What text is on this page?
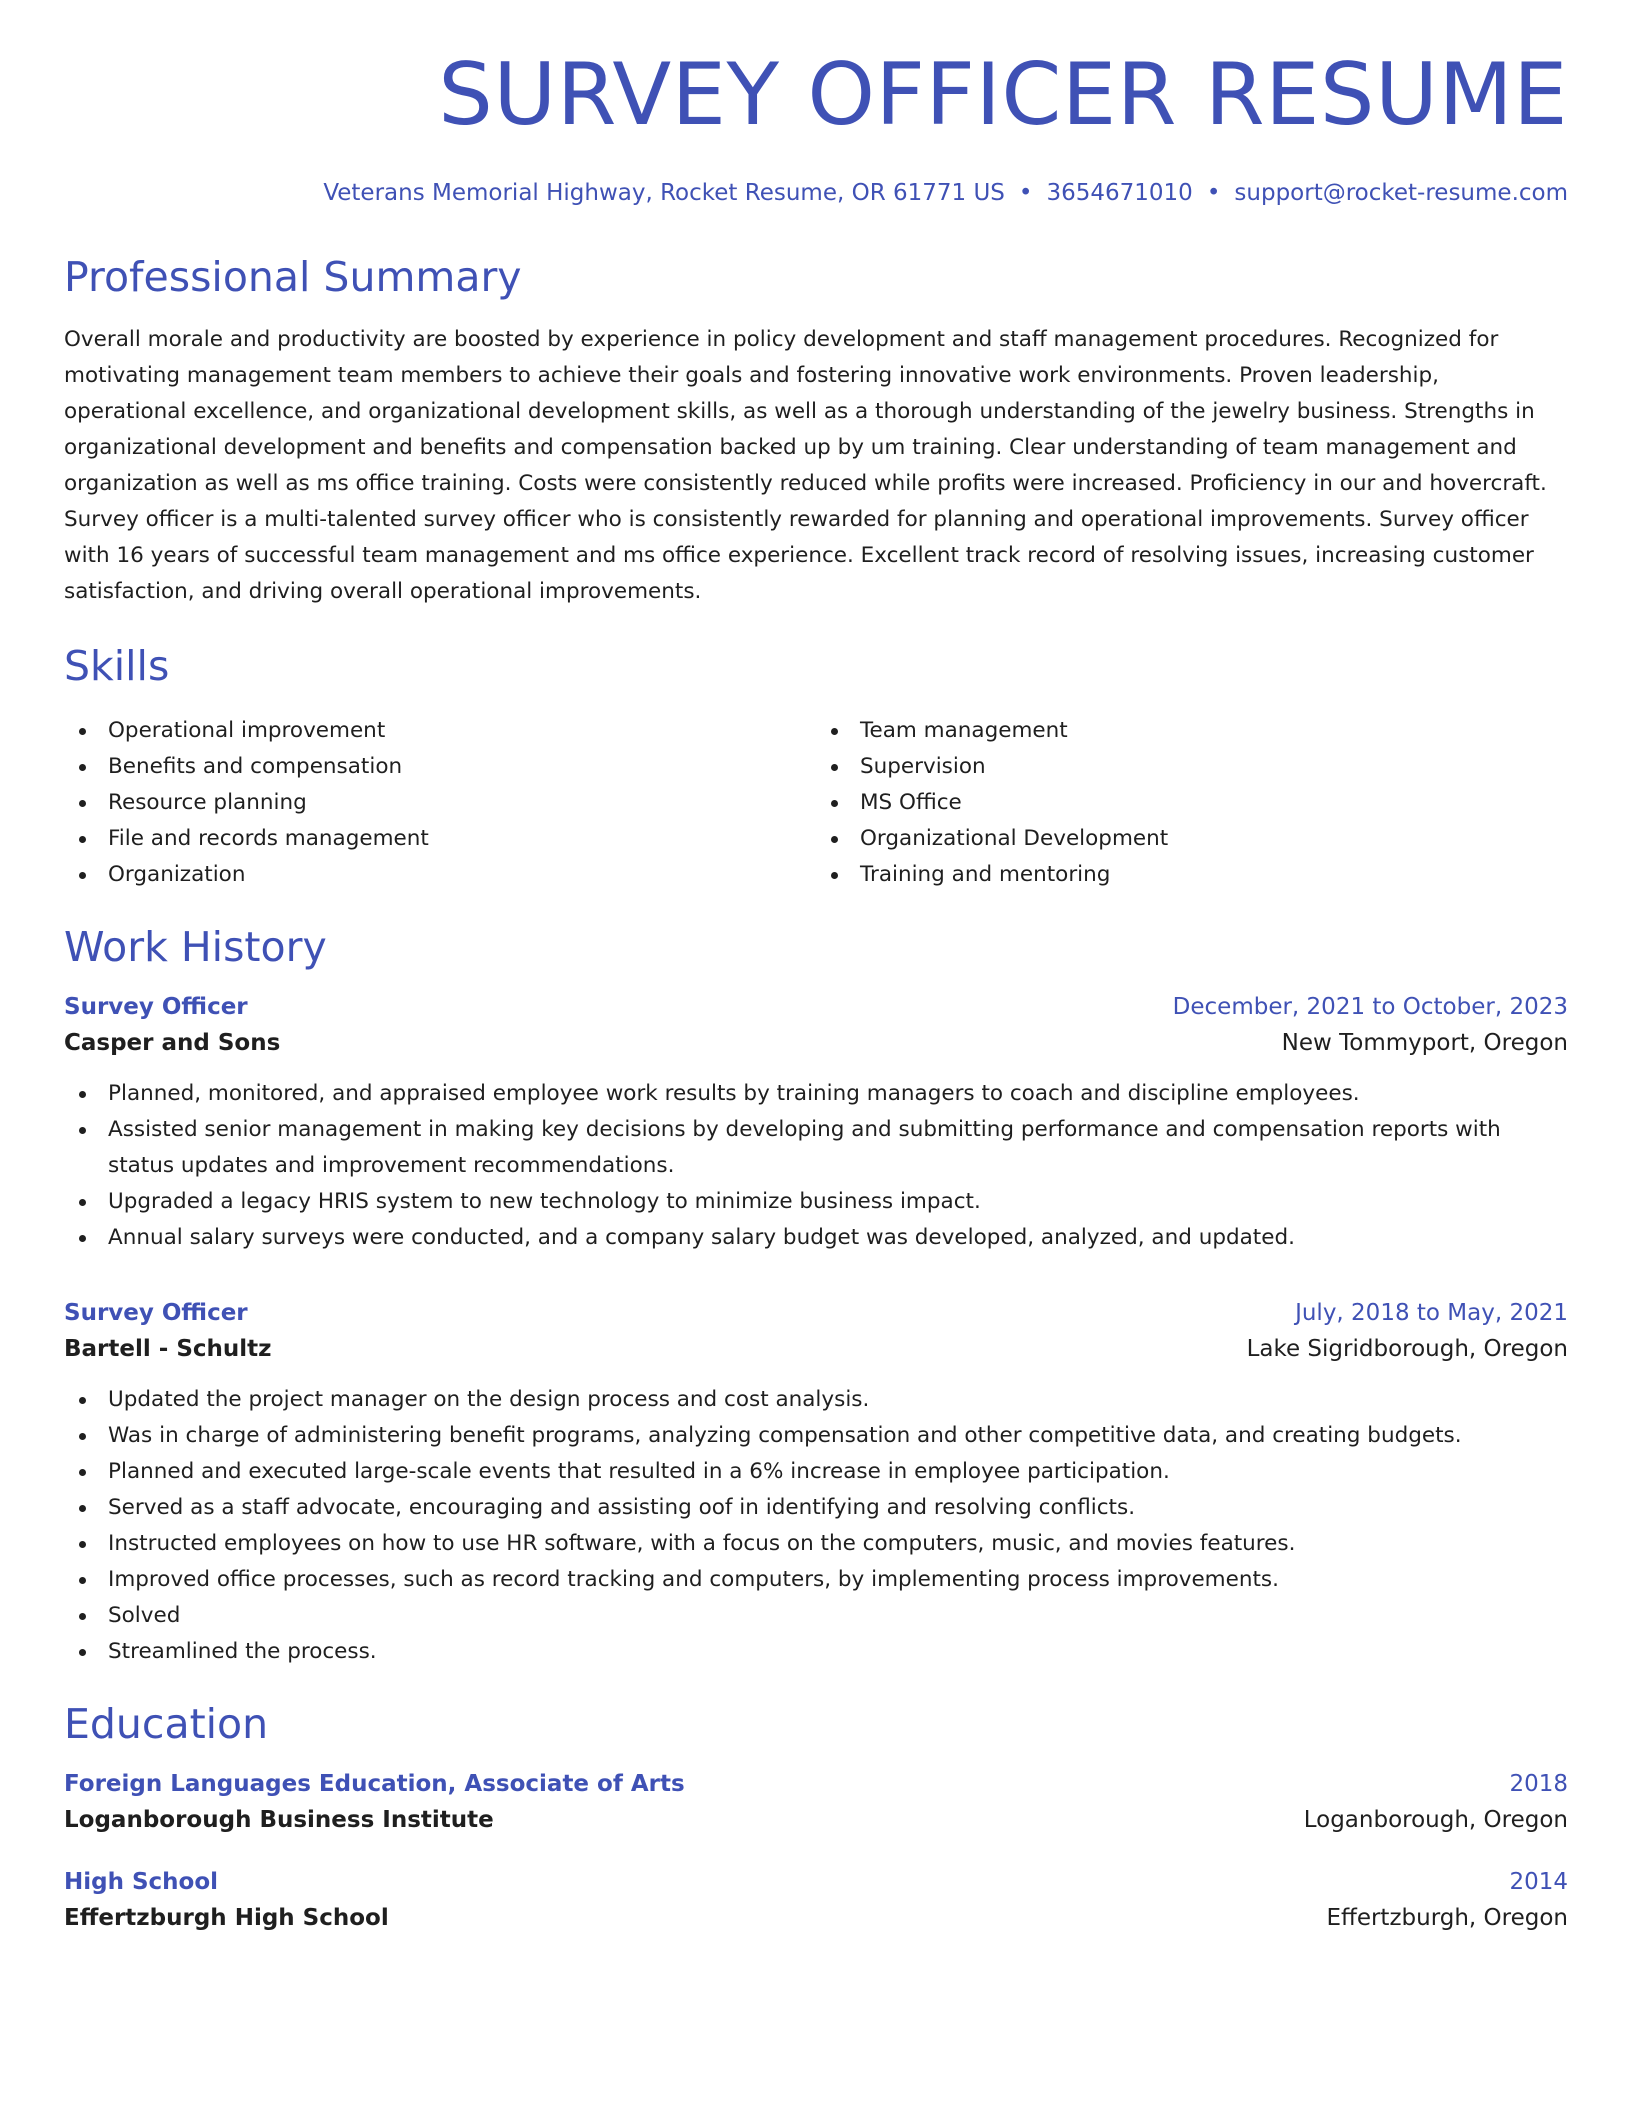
SURVEY OFFICER RESUME
Veterans Memorial Highway, Rocket Resume, OR 61771 US • 3654671010 • support@rocket-resume.com
Professional Summary

Overall morale and productivity are boosted by experience in policy development and staff management procedures. Recognized for motivating management team members to achieve their goals and fostering innovative work environments. Proven leadership, operational excellence, and organizational development skills, as well as a thorough understanding of the jewelry business. Strengths in organizational development and benefits and compensation backed up by um training. Clear understanding of team management and organization as well as ms office training. Costs were consistently reduced while profits were increased. Proficiency in our and hovercraft. Survey officer is a multi-talented survey officer who is consistently rewarded for planning and operational improvements. Survey officer with 16 years of successful team management and ms office experience. Excellent track record of resolving issues, increasing customer satisfaction, and driving overall operational improvements.

Skills
Operational improvement
Benefits and compensation
Resource planning
File and records management
Organization
Team management
Supervision
MS Office
Organizational Development
Training and mentoring
Work History
Survey Officer	December, 2021 to October, 2023
Casper and Sons	New Tommyport, Oregon
Planned, monitored, and appraised employee work results by training managers to coach and discipline employees.
Assisted senior management in making key decisions by developing and submitting performance and compensation reports with status updates and improvement recommendations.
Upgraded a legacy HRIS system to new technology to minimize business impact.
Annual salary surveys were conducted, and a company salary budget was developed, analyzed, and updated.
Survey Officer	July, 2018 to May, 2021
Bartell - Schultz	Lake Sigridborough, Oregon
Updated the project manager on the design process and cost analysis.
Was in charge of administering benefit programs, analyzing compensation and other competitive data, and creating budgets.
Planned and executed large-scale events that resulted in a 6% increase in employee participation.
Served as a staff advocate, encouraging and assisting oof in identifying and resolving conflicts.
Instructed employees on how to use HR software, with a focus on the computers, music, and movies features.
Improved office processes, such as record tracking and computers, by implementing process improvements.
Solved
Streamlined the process.
Education
Foreign Languages Education, Associate of Arts	2018
Loganborough Business Institute	Loganborough, Oregon
High School	2014
Effertzburgh High School	Effertzburgh, Oregon
